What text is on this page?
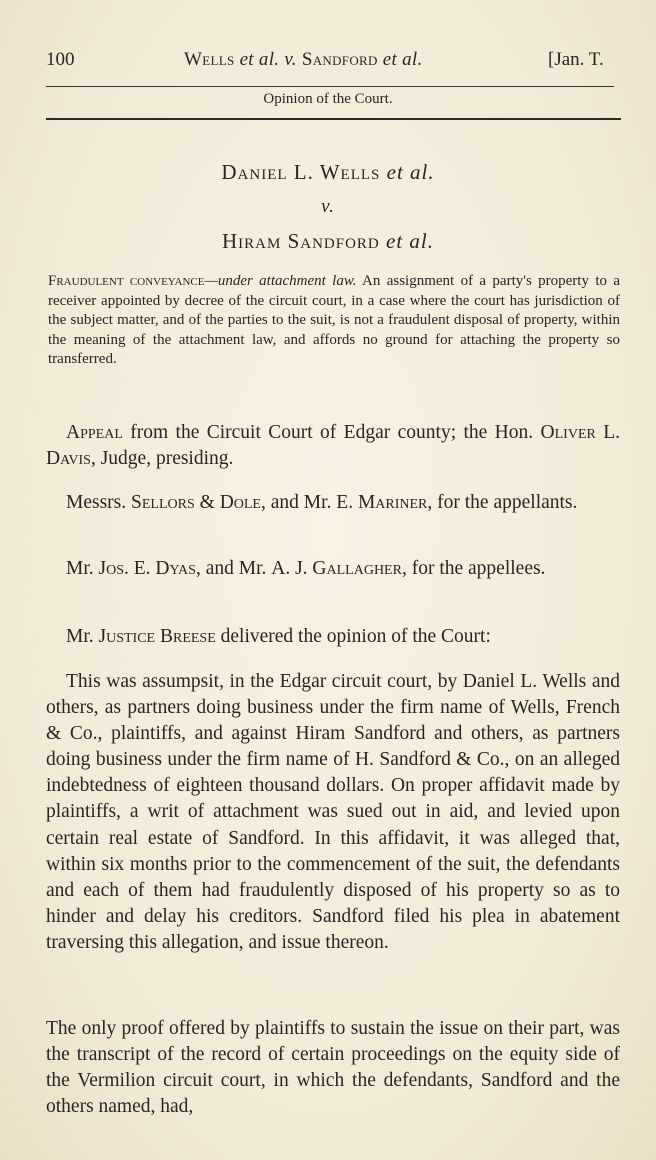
100	Wells et al. v. Sandford et al.	[Jan. T.
Opinion of the Court.
Daniel L. Wells et al.
v.
Hiram Sandford et al.
Fraudulent conveyance—under attachment law. An assignment of a party's property to a receiver appointed by decree of the circuit court, in a case where the court has jurisdiction of the subject matter, and of the parties to the suit, is not a fraudulent disposal of property, within the meaning of the attachment law, and affords no ground for attaching the property so transferred.
Appeal from the Circuit Court of Edgar county; the Hon. Oliver L. Davis, Judge, presiding.
Messrs. Sellors & Dole, and Mr. E. Mariner, for the appellants.
Mr. Jos. E. Dyas, and Mr. A. J. Gallagher, for the appellees.
Mr. Justice Breese delivered the opinion of the Court:
This was assumpsit, in the Edgar circuit court, by Daniel L. Wells and others, as partners doing business under the firm name of Wells, French & Co., plaintiffs, and against Hiram Sandford and others, as partners doing business under the firm name of H. Sandford & Co., on an alleged indebtedness of eighteen thousand dollars. On proper affidavit made by plaintiffs, a writ of attachment was sued out in aid, and levied upon certain real estate of Sandford. In this affidavit, it was alleged that, within six months prior to the commencement of the suit, the defendants and each of them had fraudulently disposed of his property so as to hinder and delay his creditors. Sandford filed his plea in abatement traversing this allegation, and issue thereon.
The only proof offered by plaintiffs to sustain the issue on their part, was the transcript of the record of certain proceedings on the equity side of the Vermilion circuit court, in which the defendants, Sandford and the others named, had,
